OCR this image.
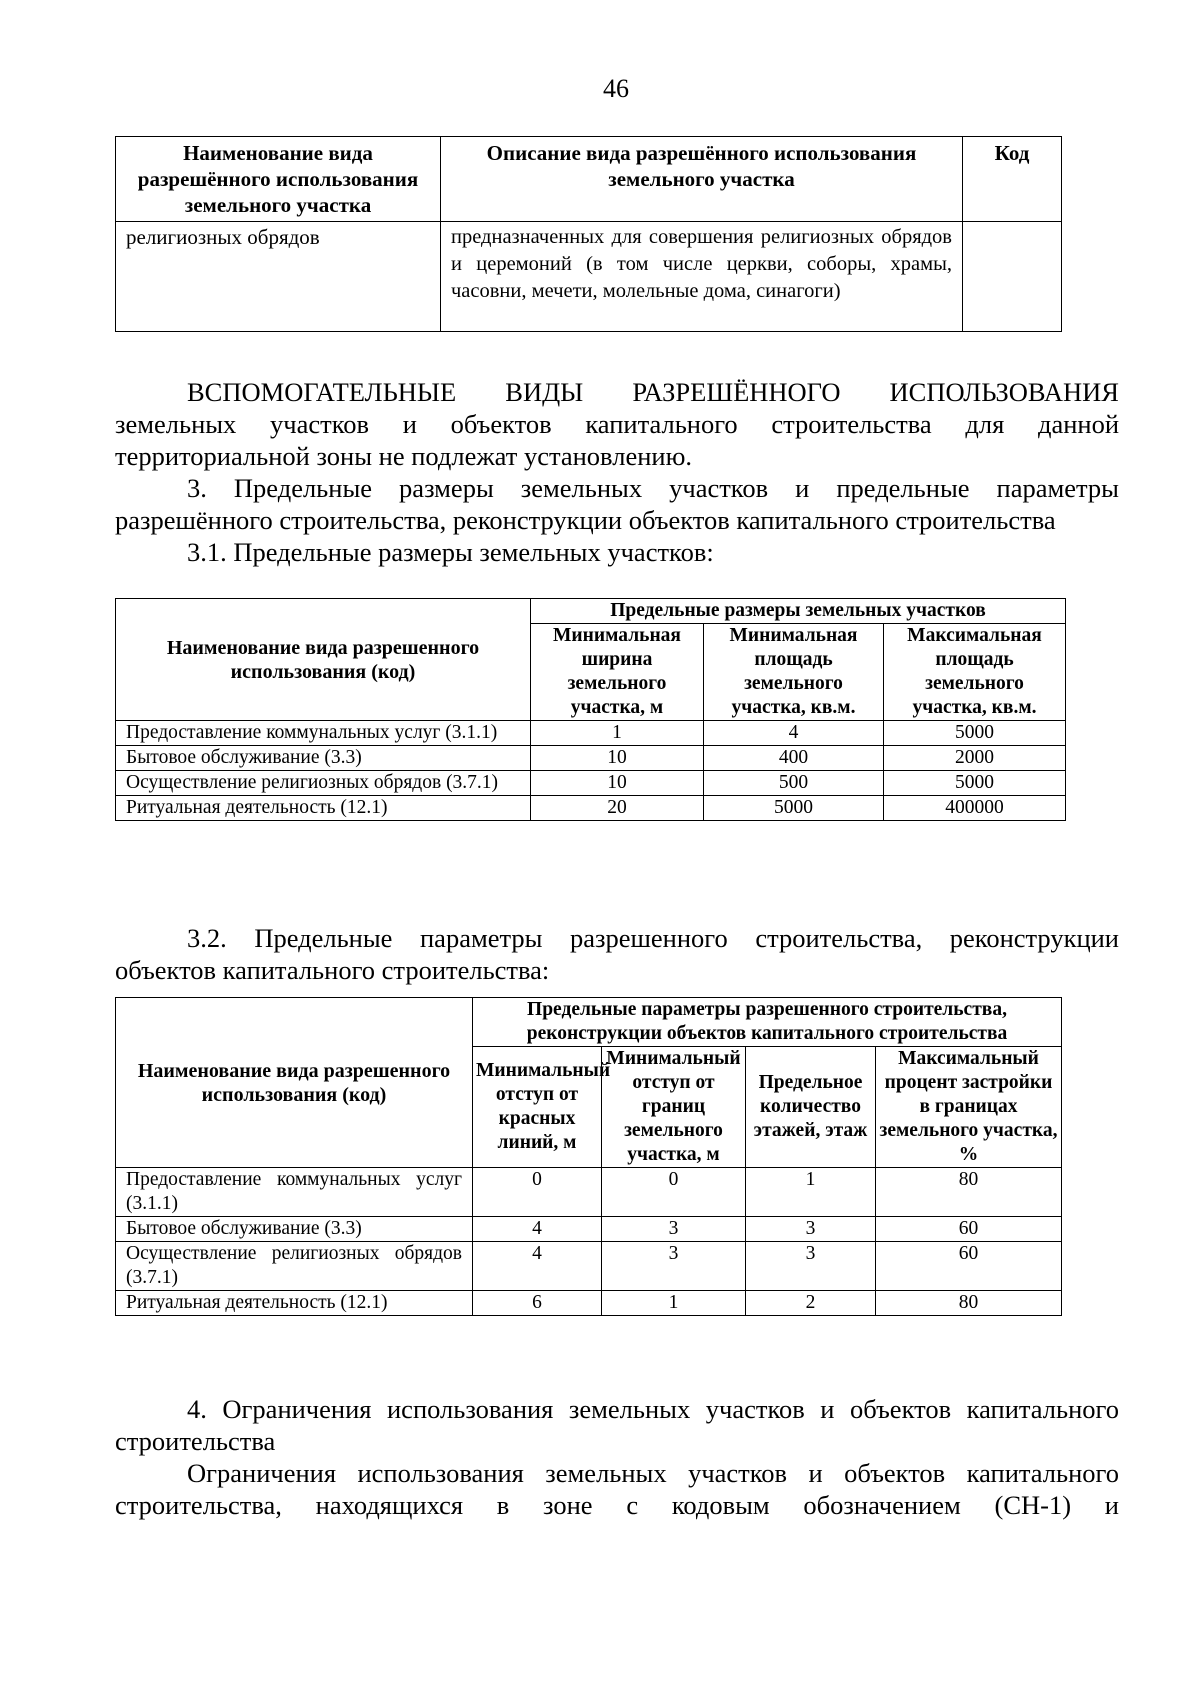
46
Наименование вида разрешённого использования земельного участка	Описание вида разрешённого использования земельного участка	Код
религиозных обрядов	предназначенных для совершения религиозных обрядов и церемоний (в том числе церкви, соборы, храмы, часовни, мечети, молельные дома, синагоги)	

ВСПОМОГАТЕЛЬНЫЕ ВИДЫ РАЗРЕШЁННОГО ИСПОЛЬЗОВАНИЯ земельных участков и объектов капитального строительства для данной территориальной зоны не подлежат установлению.

3. Предельные размеры земельных участков и предельные параметры разрешённого строительства, реконструкции объектов капитального строительства

3.1. Предельные размеры земельных участков:

Наименование вида разрешенного использования (код)	Предельные размеры земельных участков		
	Минимальная ширина земельного участка, м	Минимальная площадь земельного участка, кв.м.	Максимальная площадь земельного участка, кв.м.
Предоставление коммунальных услуг (3.1.1)	1	4	5000
Бытовое обслуживание (3.3)	10	400	2000
Осуществление религиозных обрядов (3.7.1)	10	500	5000
Ритуальная деятельность (12.1)	20	5000	400000

3.2. Предельные параметры разрешенного строительства, реконструкции объектов капитального строительства:

Наименование вида разрешенного использования (код)	Предельные параметры разрешенного строительства, реконструкции объектов капитального строительства			
	Минимальный отступ от красных линий, м	Минимальный отступ от границ земельного участка, м	Предельное количество этажей, этаж	Максимальный процент застройки в границах земельного участка, %
Предоставление коммунальных услуг (3.1.1)	0	0	1	80
Бытовое обслуживание (3.3)	4	3	3	60
Осуществление религиозных обрядов (3.7.1)	4	3	3	60
Ритуальная деятельность (12.1)	6	1	2	80

4. Ограничения использования земельных участков и объектов капитального строительства

Ограничения использования земельных участков и объектов капитального строительства, находящихся в зоне с кодовым обозначением (СН-1) и
